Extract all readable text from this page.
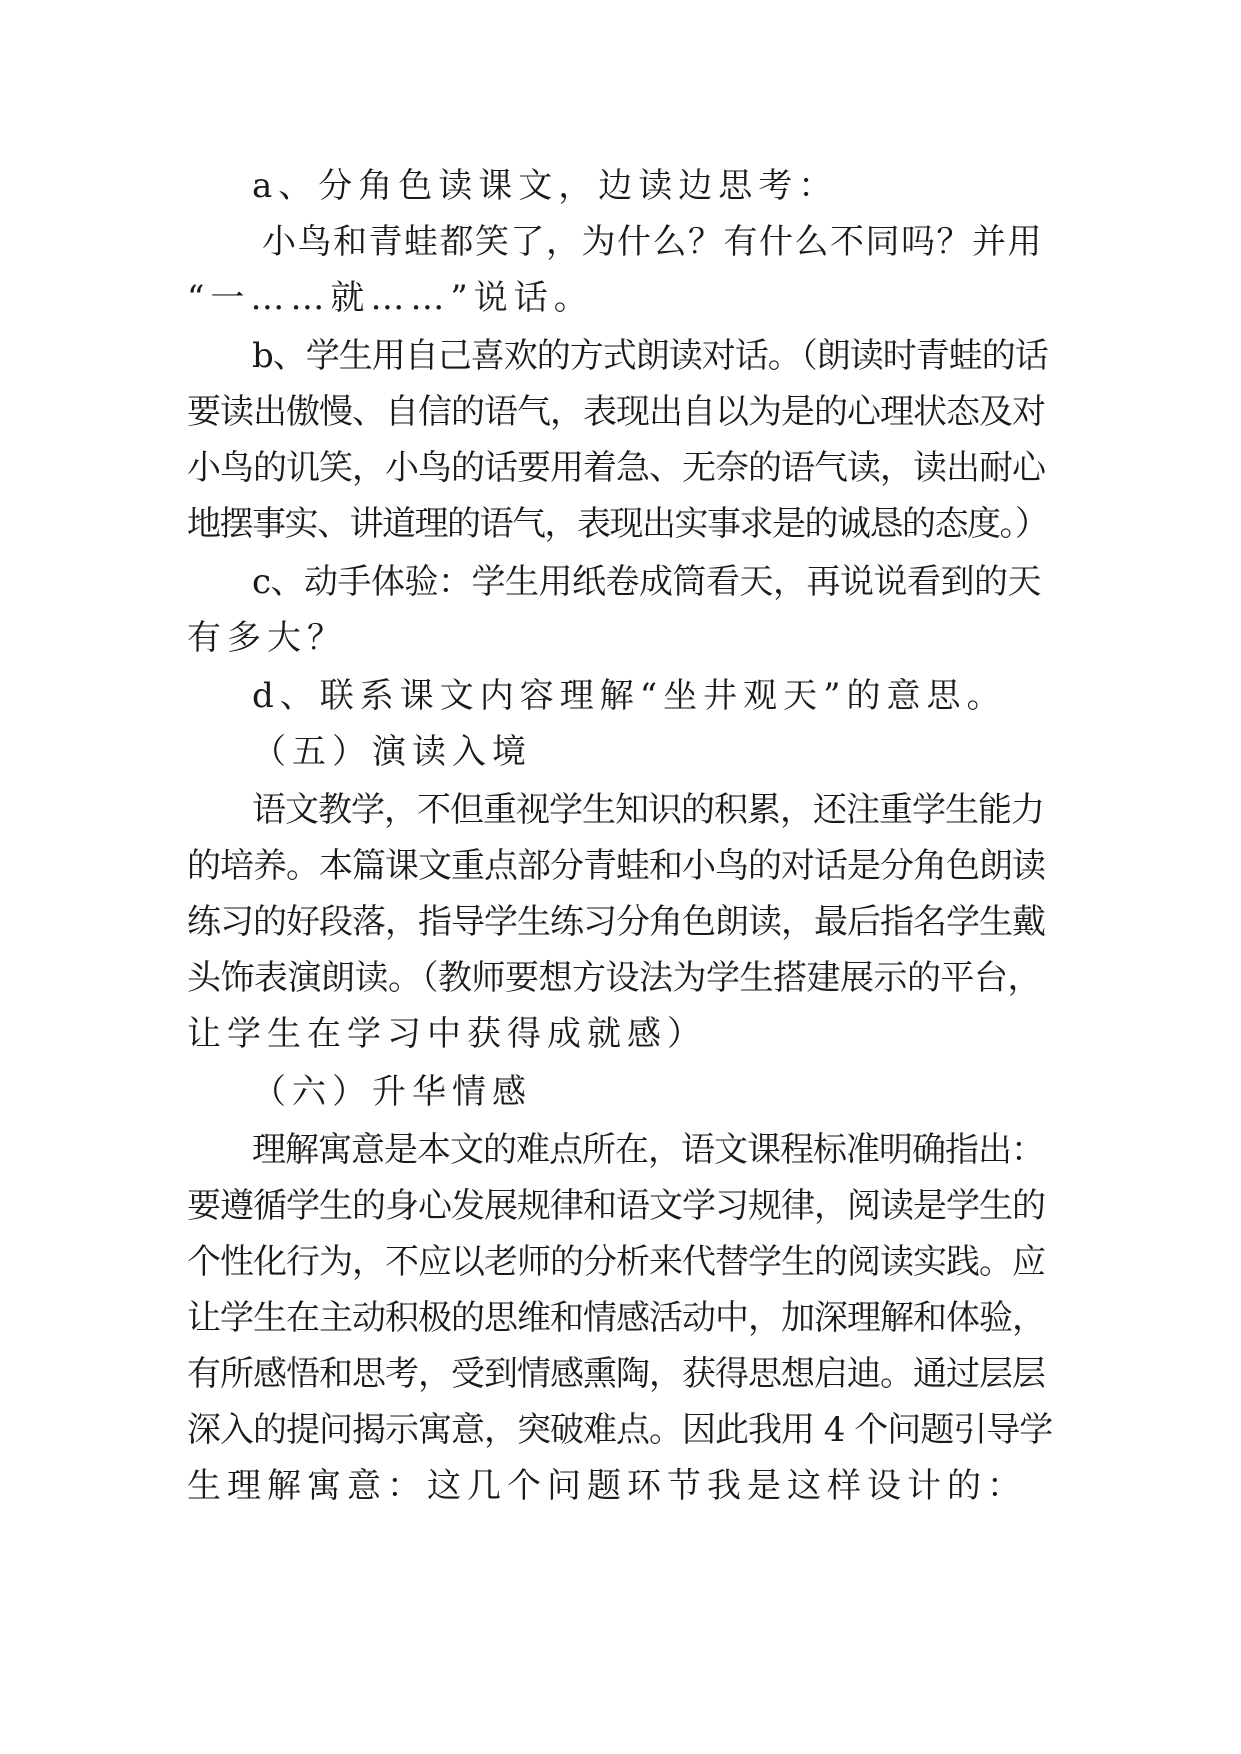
a、分角色读课文，边读边思考：
小鸟和青蛙都笑了，为什么？有什么不同吗？并用
“一……就……”说话。
b、学生用自己喜欢的方式朗读对话。（朗读时青蛙的话
要读出傲慢、自信的语气，表现出自以为是的心理状态及对
小鸟的讥笑，小鸟的话要用着急、无奈的语气读，读出耐心
地摆事实、讲道理的语气，表现出实事求是的诚恳的态度。）
c、动手体验：学生用纸卷成筒看天，再说说看到的天
有多大？
d、联系课文内容理解“坐井观天”的意思。
（五）演读入境
语文教学，不但重视学生知识的积累，还注重学生能力
的培养。本篇课文重点部分青蛙和小鸟的对话是分角色朗读
练习的好段落，指导学生练习分角色朗读，最后指名学生戴
头饰表演朗读。（教师要想方设法为学生搭建展示的平台，
让学生在学习中获得成就感）
（六）升华情感
理解寓意是本文的难点所在，语文课程标准明确指出：
要遵循学生的身心发展规律和语文学习规律，阅读是学生的
个性化行为，不应以老师的分析来代替学生的阅读实践。应
让学生在主动积极的思维和情感活动中，加深理解和体验，
有所感悟和思考，受到情感熏陶，获得思想启迪。通过层层
深入的提问揭示寓意，突破难点。因此我用 4 个问题引导学
生理解寓意：这几个问题环节我是这样设计的：
